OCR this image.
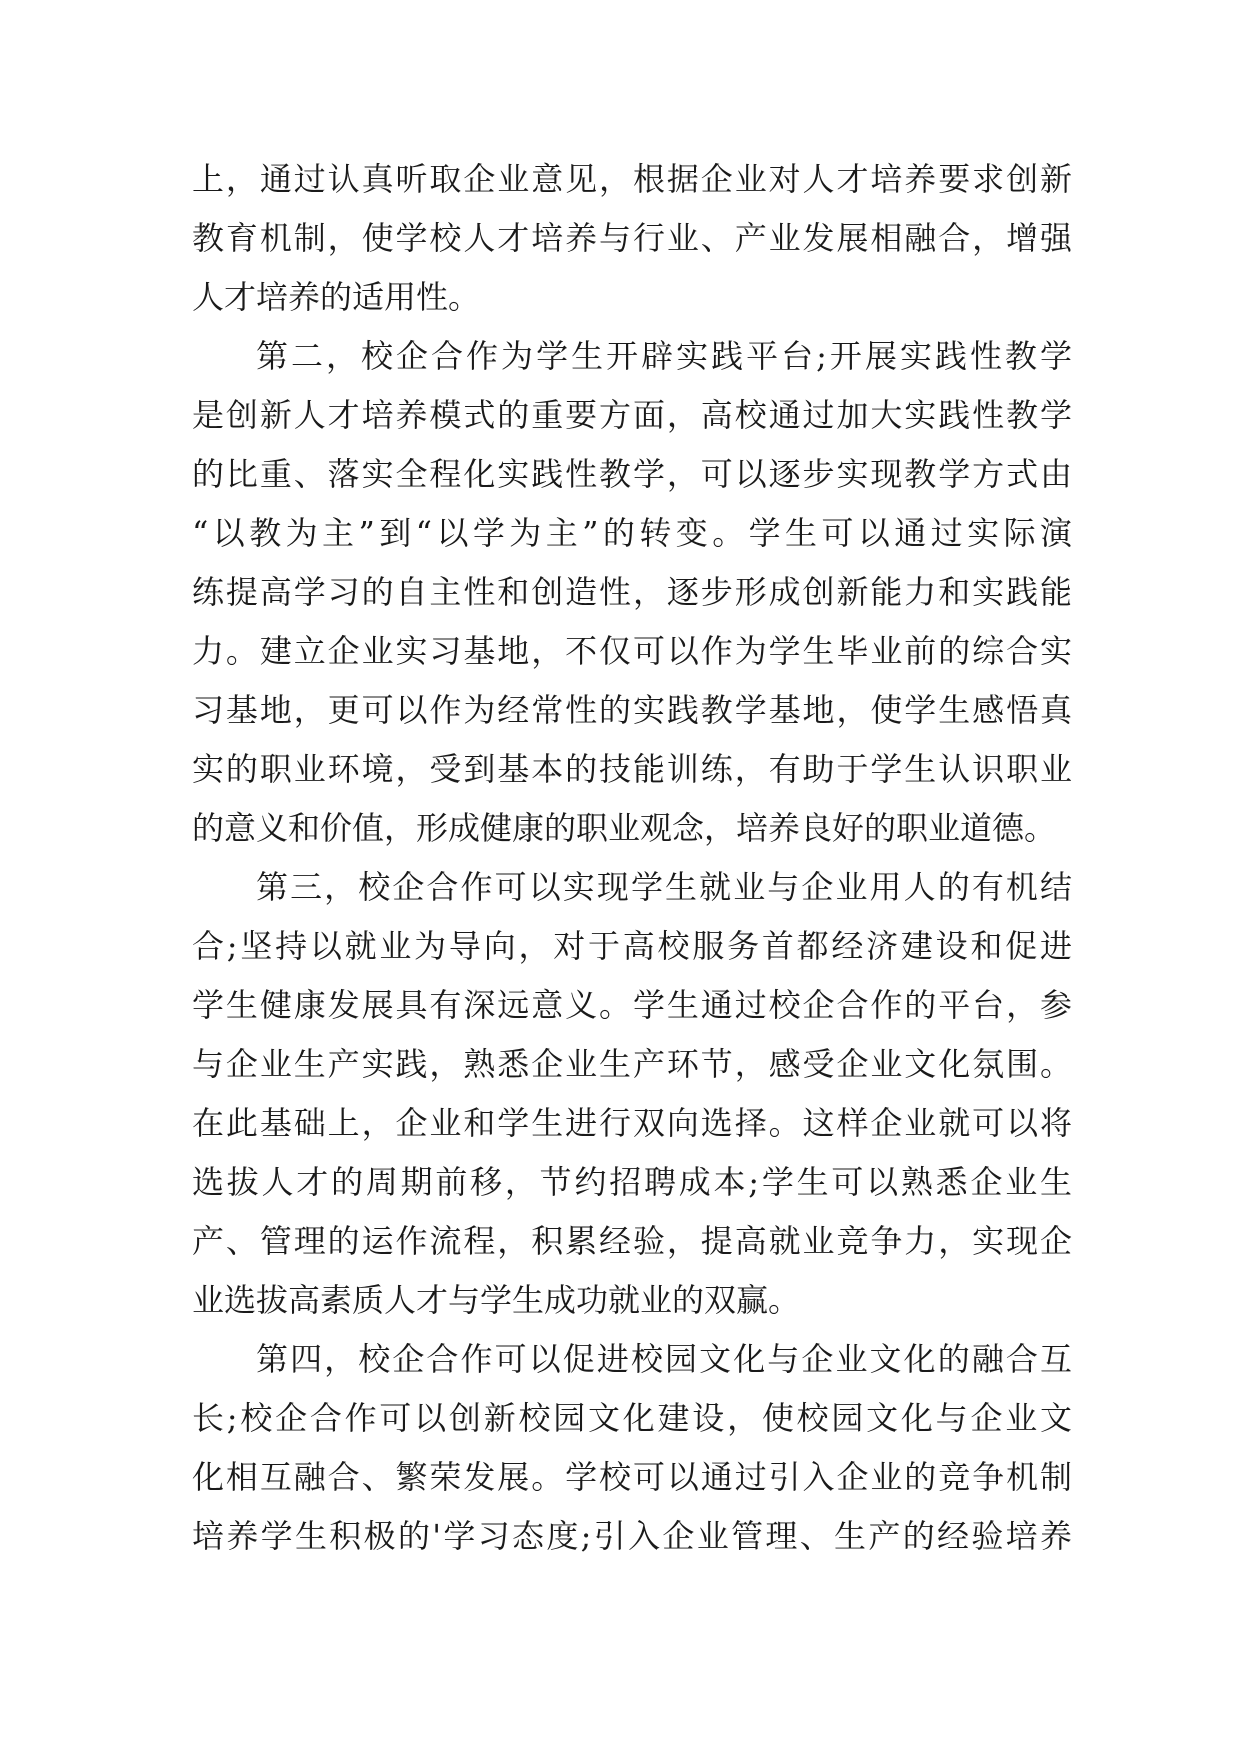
上，通过认真听取企业意见，根据企业对人才培养要求创新
教育机制，使学校人才培养与行业、产业发展相融合，增强
人才培养的适用性。
第二，校企合作为学生开辟实践平台;开展实践性教学
是创新人才培养模式的重要方面，高校通过加大实践性教学
的比重、落实全程化实践性教学，可以逐步实现教学方式由
“以教为主”到“以学为主”的转变。学生可以通过实际演
练提高学习的自主性和创造性，逐步形成创新能力和实践能
力。建立企业实习基地，不仅可以作为学生毕业前的综合实
习基地，更可以作为经常性的实践教学基地，使学生感悟真
实的职业环境，受到基本的技能训练，有助于学生认识职业
的意义和价值，形成健康的职业观念，培养良好的职业道德。
第三，校企合作可以实现学生就业与企业用人的有机结
合;坚持以就业为导向，对于高校服务首都经济建设和促进
学生健康发展具有深远意义。学生通过校企合作的平台，参
与企业生产实践，熟悉企业生产环节，感受企业文化氛围。
在此基础上，企业和学生进行双向选择。这样企业就可以将
选拔人才的周期前移，节约招聘成本;学生可以熟悉企业生
产、管理的运作流程，积累经验，提高就业竞争力，实现企
业选拔高素质人才与学生成功就业的双赢。
第四，校企合作可以促进校园文化与企业文化的融合互
长;校企合作可以创新校园文化建设，使校园文化与企业文
化相互融合、繁荣发展。学校可以通过引入企业的竞争机制
培养学生积极的'学习态度;引入企业管理、生产的经验培养
